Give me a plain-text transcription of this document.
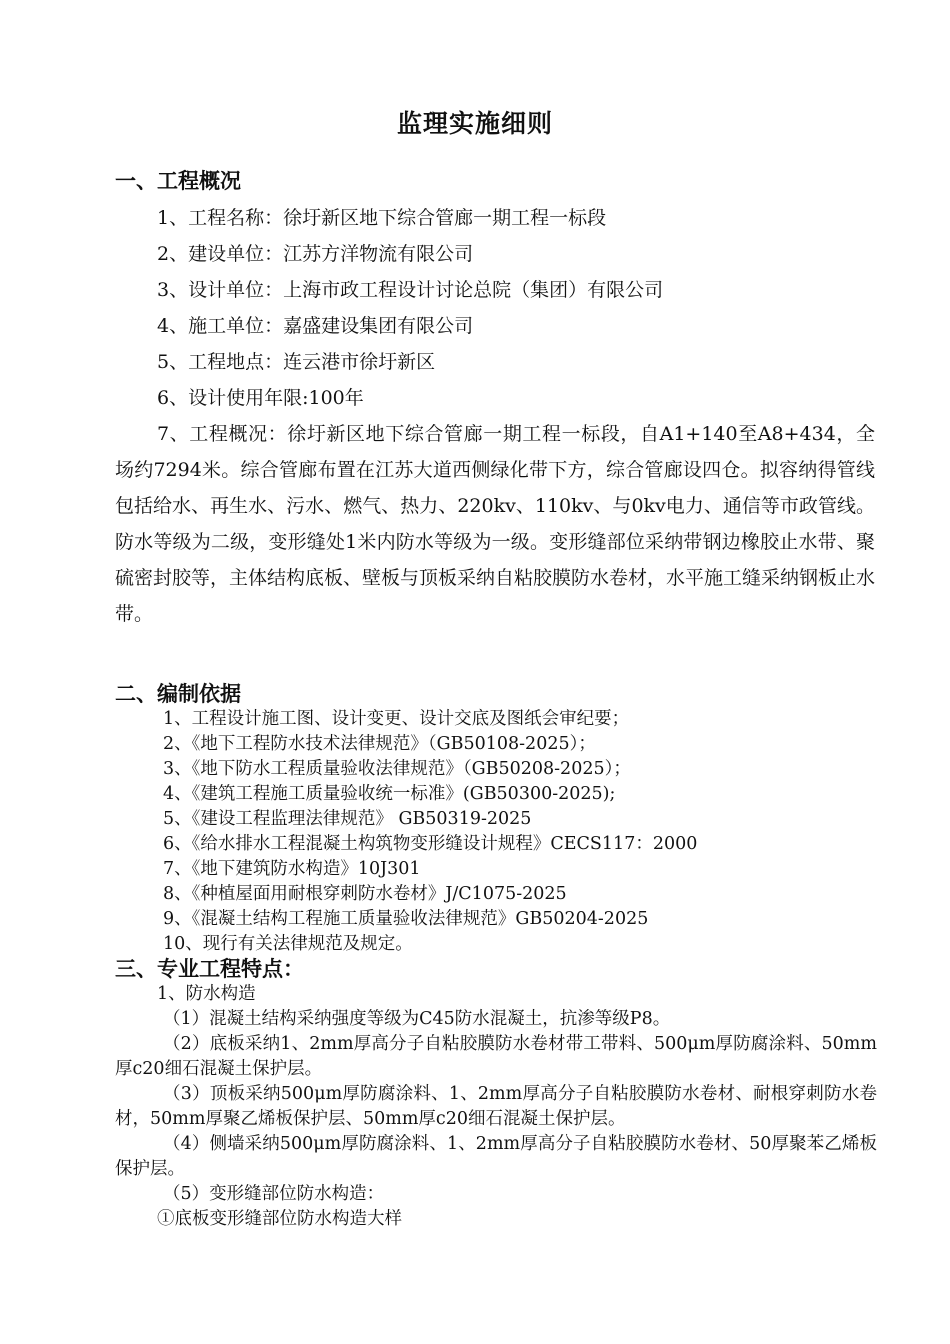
监理实施细则
一、工程概况
1、工程名称：徐圩新区地下综合管廊一期工程一标段
2、建设单位：江苏方洋物流有限公司
3、设计单位：上海市政工程设计讨论总院（集团）有限公司
4、施工单位：嘉盛建设集团有限公司
5、工程地点：连云港市徐圩新区
6、设计使用年限:100年
7、工程概况：徐圩新区地下综合管廊一期工程一标段，自A1+140至A8+434，全场约7294米。综合管廊布置在江苏大道西侧绿化带下方，综合管廊设四仓。拟容纳得管线包括给水、再生水、污水、燃气、热力、220kv、110kv、与0kv电力、通信等市政管线。防水等级为二级，变形缝处1米内防水等级为一级。变形缝部位采纳带钢边橡胶止水带、聚硫密封胶等，主体结构底板、壁板与顶板采纳自粘胶膜防水卷材，水平施工缝采纳钢板止水带。
二、编制依据
1、工程设计施工图、设计变更、设计交底及图纸会审纪要；
2、《地下工程防水技术法律规范》（GB50108-2025）；
3、《地下防水工程质量验收法律规范》（GB50208-2025）；
4、《建筑工程施工质量验收统一标准》(GB50300-2025);
5、《建设工程监理法律规范》 GB50319-2025
6、《给水排水工程混凝土构筑物变形缝设计规程》CECS117：2000
7、《地下建筑防水构造》10J301
8、《种植屋面用耐根穿刺防水卷材》J/C1075-2025
9、《混凝土结构工程施工质量验收法律规范》GB50204-2025
10、现行有关法律规范及规定。
三、专业工程特点：
1、防水构造
（1）混凝土结构采纳强度等级为C45防水混凝土，抗渗等级P8。
（2）底板采纳1、2mm厚高分子自粘胶膜防水卷材带工带料、500μm厚防腐涂料、50mm厚c20细石混凝土保护层。
（3）顶板采纳500μm厚防腐涂料、1、2mm厚高分子自粘胶膜防水卷材、耐根穿刺防水卷材，50mm厚聚乙烯板保护层、50mm厚c20细石混凝土保护层。
（4）侧墙采纳500μm厚防腐涂料、1、2mm厚高分子自粘胶膜防水卷材、50厚聚苯乙烯板保护层。
（5）变形缝部位防水构造：
①底板变形缝部位防水构造大样
